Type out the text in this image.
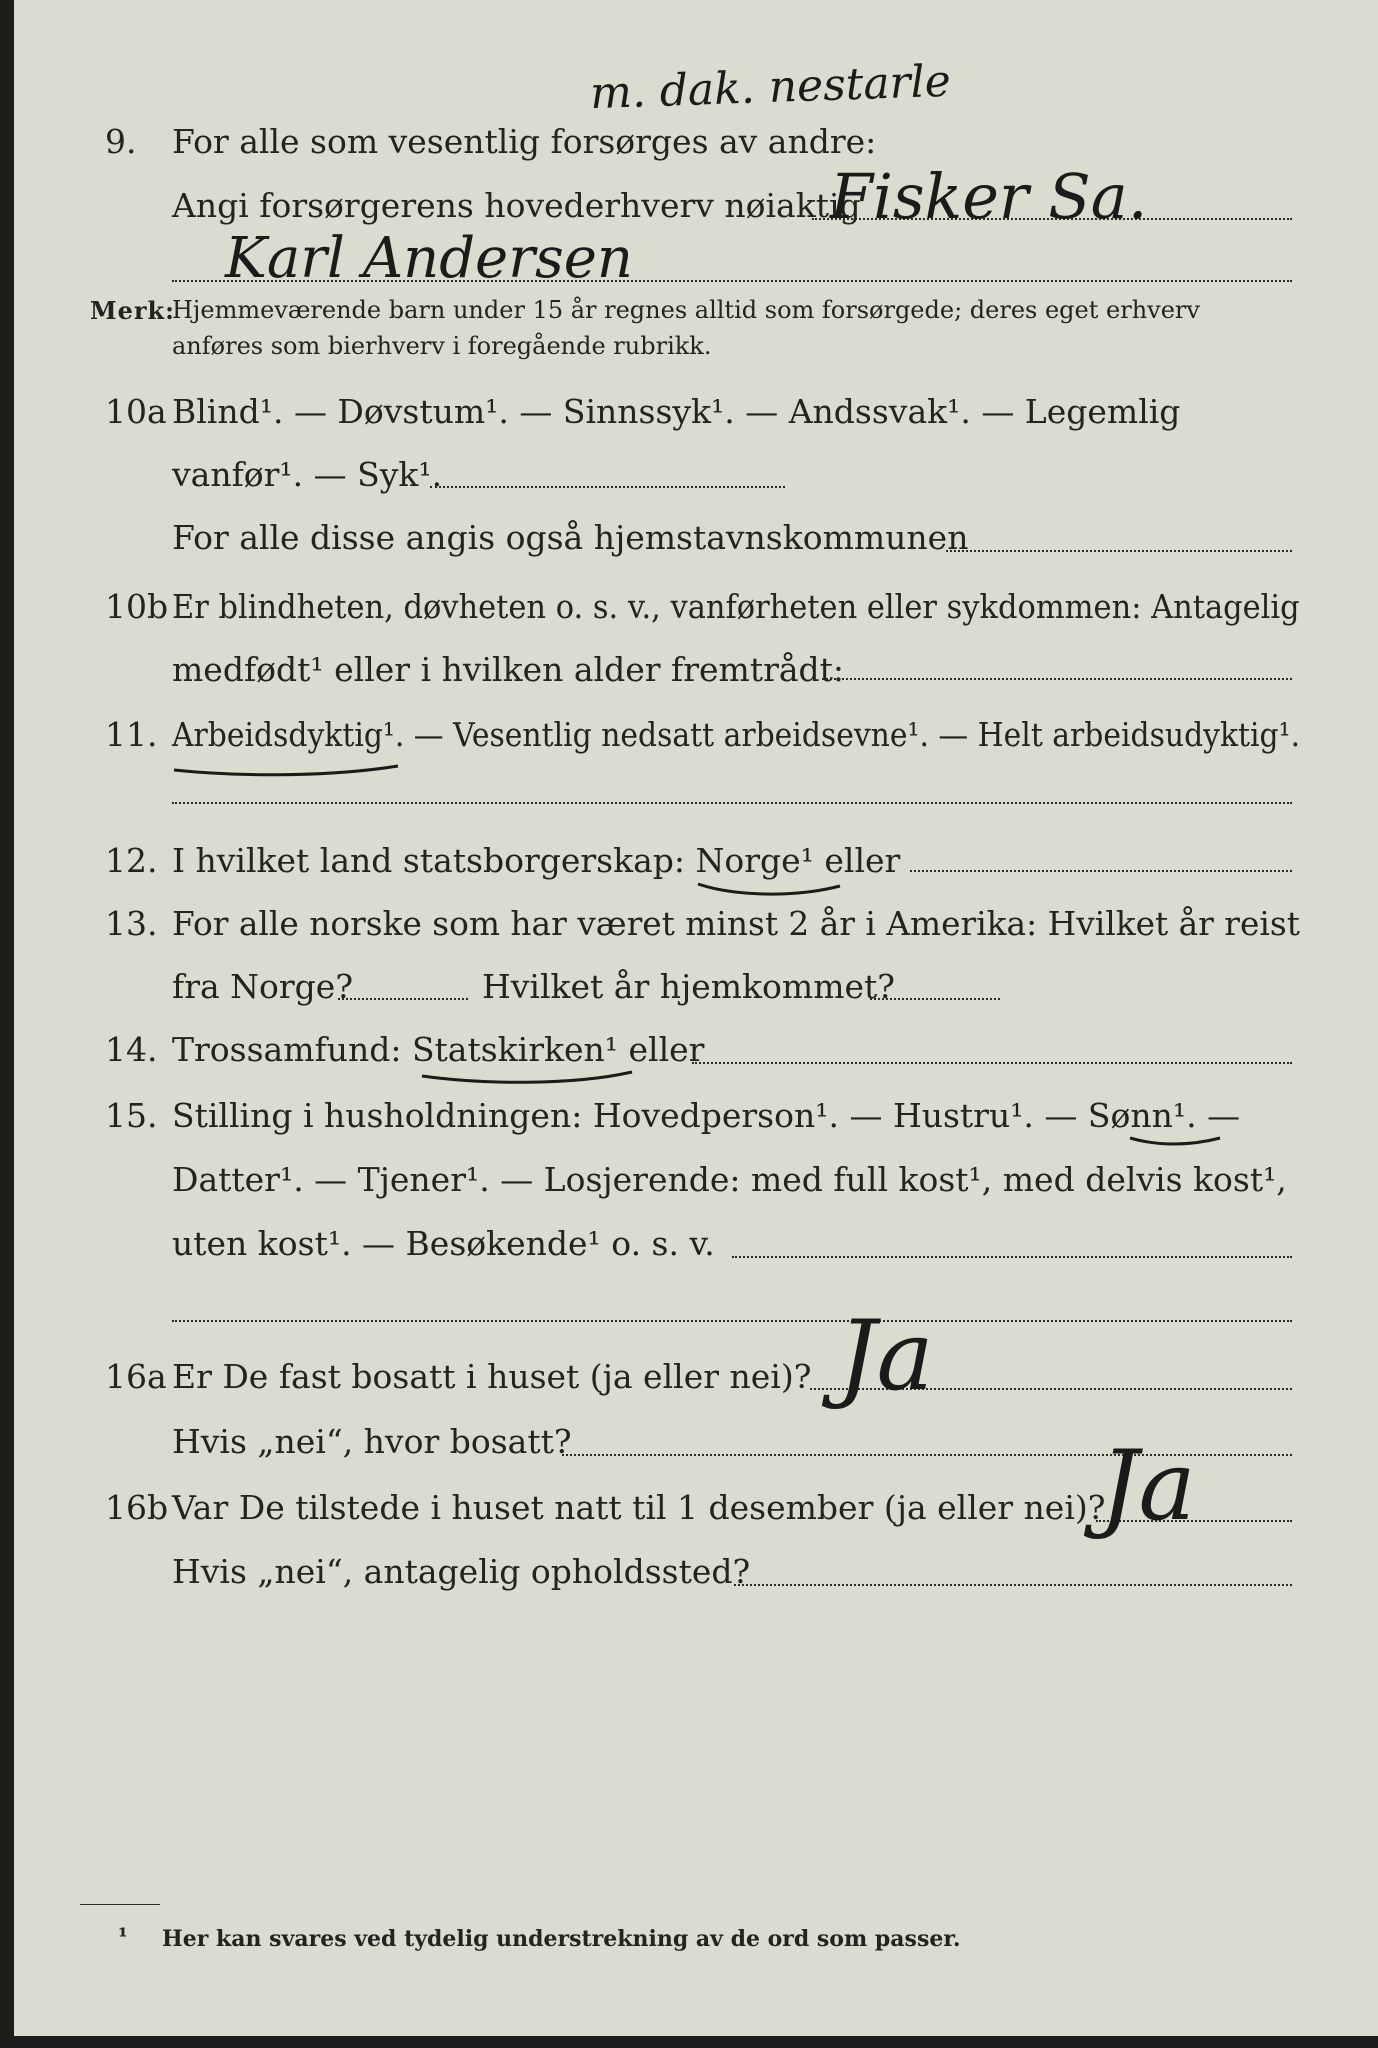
m. dak. nestarle
9. For alle som vesentlig forsørges av andre:
Angi forsørgerens hovederhverv nøiaktig
Fisker Sa.
Karl Andersen
Merk:
Hjemmeværende barn under 15 år regnes alltid som forsørgede; deres eget erhverv
anføres som bierhverv i foregående rubrikk.
10a Blind¹. — Døvstum¹. — Sinnssyk¹. — Andssvak¹. — Legemlig
vanfør¹. — Syk¹.
For alle disse angis også hjemstavnskommunen
10b Er blindheten, døvheten o. s. v., vanførheten eller sykdommen: Antagelig
medfødt¹ eller i hvilken alder fremtrådt:
11. Arbeidsdyktig¹. — Vesentlig nedsatt arbeidsevne¹. — Helt arbeidsudyktig¹.
12. I hvilket land statsborgerskap: Norge¹ eller
13. For alle norske som har været minst 2 år i Amerika: Hvilket år reist
fra Norge?	Hvilket år hjemkommet?
14. Trossamfund: Statskirken¹ eller
15. Stilling i husholdningen: Hovedperson¹. — Hustru¹. — Sønn¹. —
Datter¹. — Tjener¹. — Losjerende: med full kost¹, med delvis kost¹,
uten kost¹. — Besøkende¹ o. s. v.
16a Er De fast bosatt i huset (ja eller nei)? Ja
Hvis „nei“, hvor bosatt?
16b Var De tilstede i huset natt til 1 desember (ja eller nei)?
Ja
Hvis „nei“, antagelig opholdssted?
¹ Her kan svares ved tydelig understrekning av de ord som passer.
